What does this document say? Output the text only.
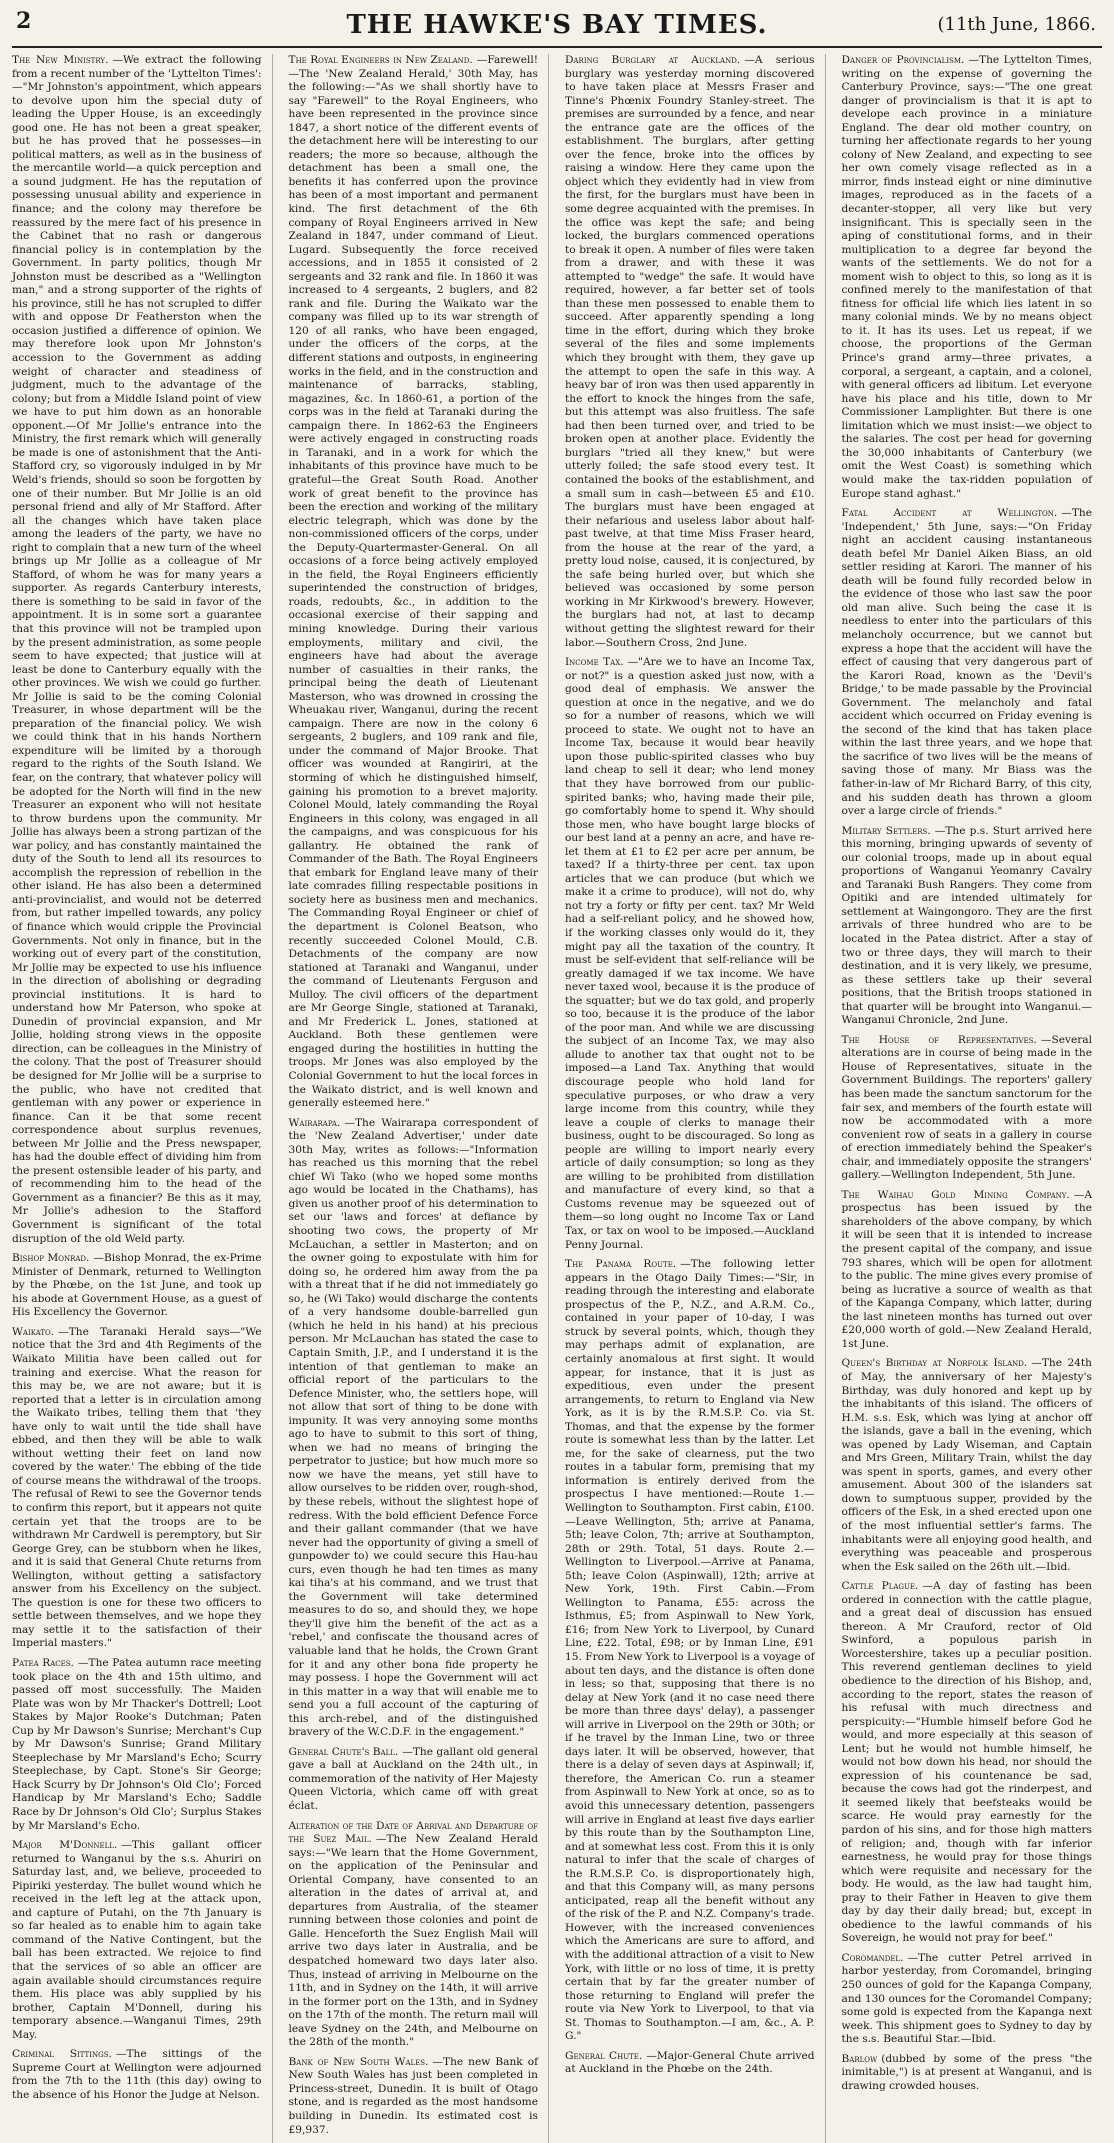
2	THE HAWKE'S BAY TIMES.	(11th June, 1866.

The New Ministry. —We extract the following from a recent number of the 'Lyttelton Times':—"Mr Johnston's appointment, which appears to devolve upon him the special duty of leading the Upper House, is an exceedingly good one. He has not been a great speaker, but he has proved that he possesses—in political matters, as well as in the business of the mercantile world—a quick perception and a sound judgment. He has the reputation of possessing unusual ability and experience in finance; and the colony may therefore be reassured by the mere fact of his presence in the Cabinet that no rash or dangerous financial policy is in contemplation by the Government. In party politics, though Mr Johnston must be described as a "Wellington man," and a strong supporter of the rights of his province, still he has not scrupled to differ with and oppose Dr Featherston when the occasion justified a difference of opinion. We may therefore look upon Mr Johnston's accession to the Government as adding weight of character and steadiness of judgment, much to the advantage of the colony; but from a Middle Island point of view we have to put him down as an honorable opponent.—Of Mr Jollie's entrance into the Ministry, the first remark which will generally be made is one of astonishment that the Anti-Stafford cry, so vigorously indulged in by Mr Weld's friends, should so soon be forgotten by one of their number. But Mr Jollie is an old personal friend and ally of Mr Stafford. After all the changes which have taken place among the leaders of the party, we have no right to complain that a new turn of the wheel brings up Mr Jollie as a colleague of Mr Stafford, of whom he was for many years a supporter. As regards Canterbury interests, there is something to be said in favor of the appointment. It is in some sort a guarantee that this province will not be trampled upon by the present administration, as some people seem to have expected; that justice will at least be done to Canterbury equally with the other provinces. We wish we could go further. Mr Jollie is said to be the coming Colonial Treasurer, in whose department will be the preparation of the financial policy. We wish we could think that in his hands Northern expenditure will be limited by a thorough regard to the rights of the South Island. We fear, on the contrary, that whatever policy will be adopted for the North will find in the new Treasurer an exponent who will not hesitate to throw burdens upon the community. Mr Jollie has always been a strong partizan of the war policy, and has constantly maintained the duty of the South to lend all its resources to accomplish the repression of rebellion in the other island. He has also been a determined anti-provincialist, and would not be deterred from, but rather impelled towards, any policy of finance which would cripple the Provincial Governments. Not only in finance, but in the working out of every part of the constitution, Mr Jollie may be expected to use his influence in the direction of abolishing or degrading provincial institutions. It is hard to understand how Mr Paterson, who spoke at Dunedin of provincial expansion, and Mr Jollie, holding strong views in the opposite direction, can be colleagues in the Ministry of the colony. That the post of Treasurer should be designed for Mr Jollie will be a surprise to the public, who have not credited that gentleman with any power or experience in finance. Can it be that some recent correspondence about surplus revenues, between Mr Jollie and the Press newspaper, has had the double effect of dividing him from the present ostensible leader of his party, and of recommending him to the head of the Government as a financier? Be this as it may, Mr Jollie's adhesion to the Stafford Government is significant of the total disruption of the old Weld party.

Bishop Monrad. —Bishop Monrad, the ex-Prime Minister of Denmark, returned to Wellington by the Phœbe, on the 1st June, and took up his abode at Government House, as a guest of His Excellency the Governor.

Waikato. —The Taranaki Herald says—"We notice that the 3rd and 4th Regiments of the Waikato Militia have been called out for training and exercise. What the reason for this may be, we are not aware; but it is reported that a letter is in circulation among the Waikato tribes, telling them that 'they have only to wait until the tide shall have ebbed, and then they will be able to walk without wetting their feet on land now covered by the water.' The ebbing of the tide of course means the withdrawal of the troops. The refusal of Rewi to see the Governor tends to confirm this report, but it appears not quite certain yet that the troops are to be withdrawn Mr Cardwell is peremptory, but Sir George Grey, can be stubborn when he likes, and it is said that General Chute returns from Wellington, without getting a satisfactory answer from his Excellency on the subject. The question is one for these two officers to settle between themselves, and we hope they may settle it to the satisfaction of their Imperial masters."

Patea Races. —The Patea autumn race meeting took place on the 4th and 15th ultimo, and passed off most successfully. The Maiden Plate was won by Mr Thacker's Dottrell; Loot Stakes by Major Rooke's Dutchman; Paten Cup by Mr Dawson's Sunrise; Merchant's Cup by Mr Dawson's Sunrise; Grand Military Steeplechase by Mr Marsland's Echo; Scurry Steeplechase, by Capt. Stone's Sir George; Hack Scurry by Dr Johnson's Old Clo'; Forced Handicap by Mr Marsland's Echo; Saddle Race by Dr Johnson's Old Clo'; Surplus Stakes by Mr Marsland's Echo.

Major M'Donnell. —This gallant officer returned to Wanganui by the s.s. Ahuriri on Saturday last, and, we believe, proceeded to Pipiriki yesterday. The bullet wound which he received in the left leg at the attack upon, and capture of Putahi, on the 7th January is so far healed as to enable him to again take command of the Native Contingent, but the ball has been extracted. We rejoice to find that the services of so able an officer are again available should circumstances require them. His place was ably supplied by his brother, Captain M'Donnell, during his temporary absence.—Wanganui Times, 29th May.

Criminal Sittings. —The sittings of the Supreme Court at Wellington were adjourned from the 7th to the 11th (this day) owing to the absence of his Honor the Judge at Nelson.

The Royal Engineers in New Zealand. —Farewell!—The 'New Zealand Herald,' 30th May, has the following:—"As we shall shortly have to say "Farewell" to the Royal Engineers, who have been represented in the province since 1847, a short notice of the different events of the detachment here will be interesting to our readers; the more so because, although the detachment has been a small one, the benefits it has conferred upon the province has been of a most important and permanent kind. The first detachment of the 6th company of Royal Engineers arrived in New Zealand in 1847, under command of Lieut. Lugard. Subsequently the force received accessions, and in 1855 it consisted of 2 sergeants and 32 rank and file. In 1860 it was increased to 4 sergeants, 2 buglers, and 82 rank and file. During the Waikato war the company was filled up to its war strength of 120 of all ranks, who have been engaged, under the officers of the corps, at the different stations and outposts, in engineering works in the field, and in the construction and maintenance of barracks, stabling, magazines, &c. In 1860-61, a portion of the corps was in the field at Taranaki during the campaign there. In 1862-63 the Engineers were actively engaged in constructing roads in Taranaki, and in a work for which the inhabitants of this province have much to be grateful—the Great South Road. Another work of great benefit to the province has been the erection and working of the military electric telegraph, which was done by the non-commissioned officers of the corps, under the Deputy-Quartermaster-General. On all occasions of a force being actively employed in the field, the Royal Engineers efficiently superintended the construction of bridges, roads, redoubts, &c., in addition to the occasional exercise of their sapping and mining knowledge. During their various employments, military and civil, the engineers have had about the average number of casualties in their ranks, the principal being the death of Lieutenant Masterson, who was drowned in crossing the Wheuakau river, Wanganui, during the recent campaign. There are now in the colony 6 sergeants, 2 buglers, and 109 rank and file, under the command of Major Brooke. That officer was wounded at Rangiriri, at the storming of which he distinguished himself, gaining his promotion to a brevet majority. Colonel Mould, lately commanding the Royal Engineers in this colony, was engaged in all the campaigns, and was conspicuous for his gallantry. He obtained the rank of Commander of the Bath. The Royal Engineers that embark for England leave many of their late comrades filling respectable positions in society here as business men and mechanics. The Commanding Royal Engineer or chief of the department is Colonel Beatson, who recently succeeded Colonel Mould, C.B. Detachments of the company are now stationed at Taranaki and Wanganui, under the command of Lieutenants Ferguson and Mulloy. The civil officers of the department are Mr George Single, stationed at Taranaki, and Mr Frederick L. Jones, stationed at Auckland. Both these gentlemen were engaged during the hostilities in hutting the troops. Mr Jones was also employed by the Colonial Government to hut the local forces in the Waikato district, and is well known and generally esteemed here."

Wairarapa. —The Wairarapa correspondent of the 'New Zealand Advertiser,' under date 30th May, writes as follows:—"Information has reached us this morning that the rebel chief Wi Tako (who we hoped some months ago would be located in the Chathams), has given us another proof of his determination to set our 'laws and forces' at defiance by shooting two cows, the property of Mr McLauchan, a settler in Masterton; and on the owner going to expostulate with him for doing so, he ordered him away from the pa with a threat that if he did not immediately go so, he (Wi Tako) would discharge the contents of a very handsome double-barrelled gun (which he held in his hand) at his precious person. Mr McLauchan has stated the case to Captain Smith, J.P., and I understand it is the intention of that gentleman to make an official report of the particulars to the Defence Minister, who, the settlers hope, will not allow that sort of thing to be done with impunity. It was very annoying some months ago to have to submit to this sort of thing, when we had no means of bringing the perpetrator to justice; but how much more so now we have the means, yet still have to allow ourselves to be ridden over, rough-shod, by these rebels, without the slightest hope of redress. With the bold efficient Defence Force and their gallant commander (that we have never had the opportunity of giving a smell of gunpowder to) we could secure this Hau-hau curs, even though he had ten times as many kai tiha's at his command, and we trust that the Government will take determined measures to do so, and should they, we hope they'll give him the benefit of the act as a 'rebel,' and confiscate the thousand acres of valuable land that he holds, the Crown Grant for it and any other bona fide property he may possess. I hope the Government will act in this matter in a way that will enable me to send you a full account of the capturing of this arch-rebel, and of the distinguished bravery of the W.C.D.F. in the engagement."

General Chute's Ball. —The gallant old general gave a ball at Auckland on the 24th ult., in commemoration of the nativity of Her Majesty Queen Victoria, which came off with great éclat.

Alteration of the Date of Arrival and Departure of the Suez Mail. —The New Zealand Herald says:—"We learn that the Home Government, on the application of the Peninsular and Oriental Company, have consented to an alteration in the dates of arrival at, and departures from Australia, of the steamer running between those colonies and point de Galle. Henceforth the Suez English Mail will arrive two days later in Australia, and be despatched homeward two days later also. Thus, instead of arriving in Melbourne on the 11th, and in Sydney on the 14th, it will arrive in the former port on the 13th, and in Sydney on the 17th of the month. The return mail will leave Sydney on the 24th, and Melbourne on the 28th of the month."

Bank of New South Wales. —The new Bank of New South Wales has just been completed in Princess-street, Dunedin. It is built of Otago stone, and is regarded as the most handsome building in Dunedin. Its estimated cost is £9,937.

Daring Burglary at Auckland. —A serious burglary was yesterday morning discovered to have taken place at Messrs Fraser and Tinne's Phœnix Foundry Stanley-street. The premises are surrounded by a fence, and near the entrance gate are the offices of the establishment. The burglars, after getting over the fence, broke into the offices by raising a window. Here they came upon the object which they evidently had in view from the first, for the burglars must have been in some degree acquainted with the premises. In the office was kept the safe; and being locked, the burglars commenced operations to break it open. A number of files were taken from a drawer, and with these it was attempted to "wedge" the safe. It would have required, however, a far better set of tools than these men possessed to enable them to succeed. After apparently spending a long time in the effort, during which they broke several of the files and some implements which they brought with them, they gave up the attempt to open the safe in this way. A heavy bar of iron was then used apparently in the effort to knock the hinges from the safe, but this attempt was also fruitless. The safe had then been turned over, and tried to be broken open at another place. Evidently the burglars "tried all they knew," but were utterly foiled; the safe stood every test. It contained the books of the establishment, and a small sum in cash—between £5 and £10. The burglars must have been engaged at their nefarious and useless labor about half-past twelve, at that time Miss Fraser heard, from the house at the rear of the yard, a pretty loud noise, caused, it is conjectured, by the safe being hurled over, but which she believed was occasioned by some person working in Mr Kirkwood's brewery. However, the burglars had not, at last to decamp without getting the slightest reward for their labor.—Southern Cross, 2nd June.

Income Tax. —"Are we to have an Income Tax, or not?" is a question asked just now, with a good deal of emphasis. We answer the question at once in the negative, and we do so for a number of reasons, which we will proceed to state. We ought not to have an Income Tax, because it would bear heavily upon those public-spirited classes who buy land cheap to sell it dear; who lend money that they have borrowed from our public-spirited banks; who, having made their pile, go comfortably home to spend it. Why should those men, who have bought large blocks of our best land at a penny an acre, and have re-let them at £1 to £2 per acre per annum, be taxed? If a thirty-three per cent. tax upon articles that we can produce (but which we make it a crime to produce), will not do, why not try a forty or fifty per cent. tax? Mr Weld had a self-reliant policy, and he showed how, if the working classes only would do it, they might pay all the taxation of the country. It must be self-evident that self-reliance will be greatly damaged if we tax income. We have never taxed wool, because it is the produce of the squatter; but we do tax gold, and properly so too, because it is the produce of the labor of the poor man. And while we are discussing the subject of an Income Tax, we may also allude to another tax that ought not to be imposed—a Land Tax. Anything that would discourage people who hold land for speculative purposes, or who draw a very large income from this country, while they leave a couple of clerks to manage their business, ought to be discouraged. So long as people are willing to import nearly every article of daily consumption; so long as they are willing to be prohibited from distillation and manufacture of every kind, so that a Customs revenue may be squeezed out of them—so long ought no Income Tax or Land Tax, or tax on wool to be imposed.—Auckland Penny Journal.

The Panama Route. —The following letter appears in the Otago Daily Times:—"Sir, in reading through the interesting and elaborate prospectus of the P., N.Z., and A.R.M. Co., contained in your paper of 10-day, I was struck by several points, which, though they may perhaps admit of explanation, are certainly anomalous at first sight. It would appear, for instance, that it is just as expeditious, even under the present arrangements, to return to England via New York, as it is by the R.M.S.P. Co. via St. Thomas, and that the expense by the former route is somewhat less than by the latter. Let me, for the sake of clearness, put the two routes in a tabular form, premising that my information is entirely derived from the prospectus I have mentioned:—Route 1.—Wellington to Southampton. First cabin, £100.—Leave Wellington, 5th; arrive at Panama, 5th; leave Colon, 7th; arrive at Southampton, 28th or 29th. Total, 51 days. Route 2.—Wellington to Liverpool.—Arrive at Panama, 5th; leave Colon (Aspinwall), 12th; arrive at New York, 19th. First Cabin.—From Wellington to Panama, £55: across the Isthmus, £5; from Aspinwall to New York, £16; from New York to Liverpool, by Cunard Line, £22. Total, £98; or by Inman Line, £91 15. From New York to Liverpool is a voyage of about ten days, and the distance is often done in less; so that, supposing that there is no delay at New York (and it no case need there be more than three days' delay), a passenger will arrive in Liverpool on the 29th or 30th; or if he travel by the Inman Line, two or three days later. It will be observed, however, that there is a delay of seven days at Aspinwall; if, therefore, the American Co. run a steamer from Aspinwall to New York at once, so as to avoid this unnecessary detention, passengers will arrive in England at least five days earlier by this route than by the Southampton Line, and at somewhat less cost. From this it is only natural to infer that the scale of charges of the R.M.S.P. Co. is disproportionately high, and that this Company will, as many persons anticipated, reap all the benefit without any of the risk of the P. and N.Z. Company's trade. However, with the increased conveniences which the Americans are sure to afford, and with the additional attraction of a visit to New York, with little or no loss of time, it is pretty certain that by far the greater number of those returning to England will prefer the route via New York to Liverpool, to that via St. Thomas to Southampton.—I am, &c., A. P. G."

General Chute. —Major-General Chute arrived at Auckland in the Phœbe on the 24th.

Danger of Provincialism. —The Lyttelton Times, writing on the expense of governing the Canterbury Province, says:—"The one great danger of provincialism is that it is apt to develope each province in a miniature England. The dear old mother country, on turning her affectionate regards to her young colony of New Zealand, and expecting to see her own comely visage reflected as in a mirror, finds instead eight or nine diminutive images, reproduced as in the facets of a decanter-stopper, all very like but very insignificant. This is specially seen in the aping of constitutional forms, and in their multiplication to a degree far beyond the wants of the settlements. We do not for a moment wish to object to this, so long as it is confined merely to the manifestation of that fitness for official life which lies latent in so many colonial minds. We by no means object to it. It has its uses. Let us repeat, if we choose, the proportions of the German Prince's grand army—three privates, a corporal, a sergeant, a captain, and a colonel, with general officers ad libitum. Let everyone have his place and his title, down to Mr Commissioner Lamplighter. But there is one limitation which we must insist:—we object to the salaries. The cost per head for governing the 30,000 inhabitants of Canterbury (we omit the West Coast) is something which would make the tax-ridden population of Europe stand aghast."

Fatal Accident at Wellington. —The 'Independent,' 5th June, says:—"On Friday night an accident causing instantaneous death befel Mr Daniel Aiken Biass, an old settler residing at Karori. The manner of his death will be found fully recorded below in the evidence of those who last saw the poor old man alive. Such being the case it is needless to enter into the particulars of this melancholy occurrence, but we cannot but express a hope that the accident will have the effect of causing that very dangerous part of the Karori Road, known as the 'Devil's Bridge,' to be made passable by the Provincial Government. The melancholy and fatal accident which occurred on Friday evening is the second of the kind that has taken place within the last three years, and we hope that the sacrifice of two lives will be the means of saving those of many. Mr Biass was the father-in-law of Mr Richard Barry, of this city, and his sudden death has thrown a gloom over a large circle of friends."

Military Settlers. —The p.s. Sturt arrived here this morning, bringing upwards of seventy of our colonial troops, made up in about equal proportions of Wanganui Yeomanry Cavalry and Taranaki Bush Rangers. They come from Opitiki and are intended ultimately for settlement at Waingongoro. They are the first arrivals of three hundred who are to be located in the Patea district. After a stay of two or three days, they will march to their destination, and it is very likely, we presume, as these settlers take up their several positions, that the British troops stationed in that quarter will be brought into Wanganui.—Wanganui Chronicle, 2nd June.

The House of Representatives. —Several alterations are in course of being made in the House of Representatives, situate in the Government Buildings. The reporters' gallery has been made the sanctum sanctorum for the fair sex, and members of the fourth estate will now be accommodated with a more convenient row of seats in a gallery in course of erection immediately behind the Speaker's chair, and immediately opposite the strangers' gallery.—Wellington Independent, 5th June.

The Waihau Gold Mining Company. —A prospectus has been issued by the shareholders of the above company, by which it will be seen that it is intended to increase the present capital of the company, and issue 793 shares, which will be open for allotment to the public. The mine gives every promise of being as lucrative a source of wealth as that of the Kapanga Company, which latter, during the last nineteen months has turned out over £20,000 worth of gold.—New Zealand Herald, 1st June.

Queen's Birthday at Norfolk Island. —The 24th of May, the anniversary of her Majesty's Birthday, was duly honored and kept up by the inhabitants of this island. The officers of H.M. s.s. Esk, which was lying at anchor off the islands, gave a ball in the evening, which was opened by Lady Wiseman, and Captain and Mrs Green, Military Train, whilst the day was spent in sports, games, and every other amusement. About 300 of the islanders sat down to sumptuous supper, provided by the officers of the Esk, in a shed erected upon one of the most influential settler's farms. The inhabitants were all enjoying good health, and everything was peaceable and prosperous when the Esk sailed on the 26th ult.—Ibid.

Cattle Plague. —A day of fasting has been ordered in connection with the cattle plague, and a great deal of discussion has ensued thereon. A Mr Crauford, rector of Old Swinford, a populous parish in Worcestershire, takes up a peculiar position. This reverend gentleman declines to yield obedience to the direction of his Bishop, and, according to the report, states the reason of his refusal with much directness and perspicuity:—"Humble himself before God he would, and more especially at this season of Lent; but he would not humble himself, he would not bow down his head, nor should the expression of his countenance be sad, because the cows had got the rinderpest, and it seemed likely that beefsteaks would be scarce. He would pray earnestly for the pardon of his sins, and for those high matters of religion; and, though with far inferior earnestness, he would pray for those things which were requisite and necessary for the body. He would, as the law had taught him, pray to their Father in Heaven to give them day by day their daily bread; but, except in obedience to the lawful commands of his Sovereign, he would not pray for beef."

Coromandel. —The cutter Petrel arrived in harbor yesterday, from Coromandel, bringing 250 ounces of gold for the Kapanga Company, and 130 ounces for the Coromandel Company; some gold is expected from the Kapanga next week. This shipment goes to Sydney to day by the s.s. Beautiful Star.—Ibid.

Barlow (dubbed by some of the press "the inimitable,") is at present at Wanganui, and is drawing crowded houses.
